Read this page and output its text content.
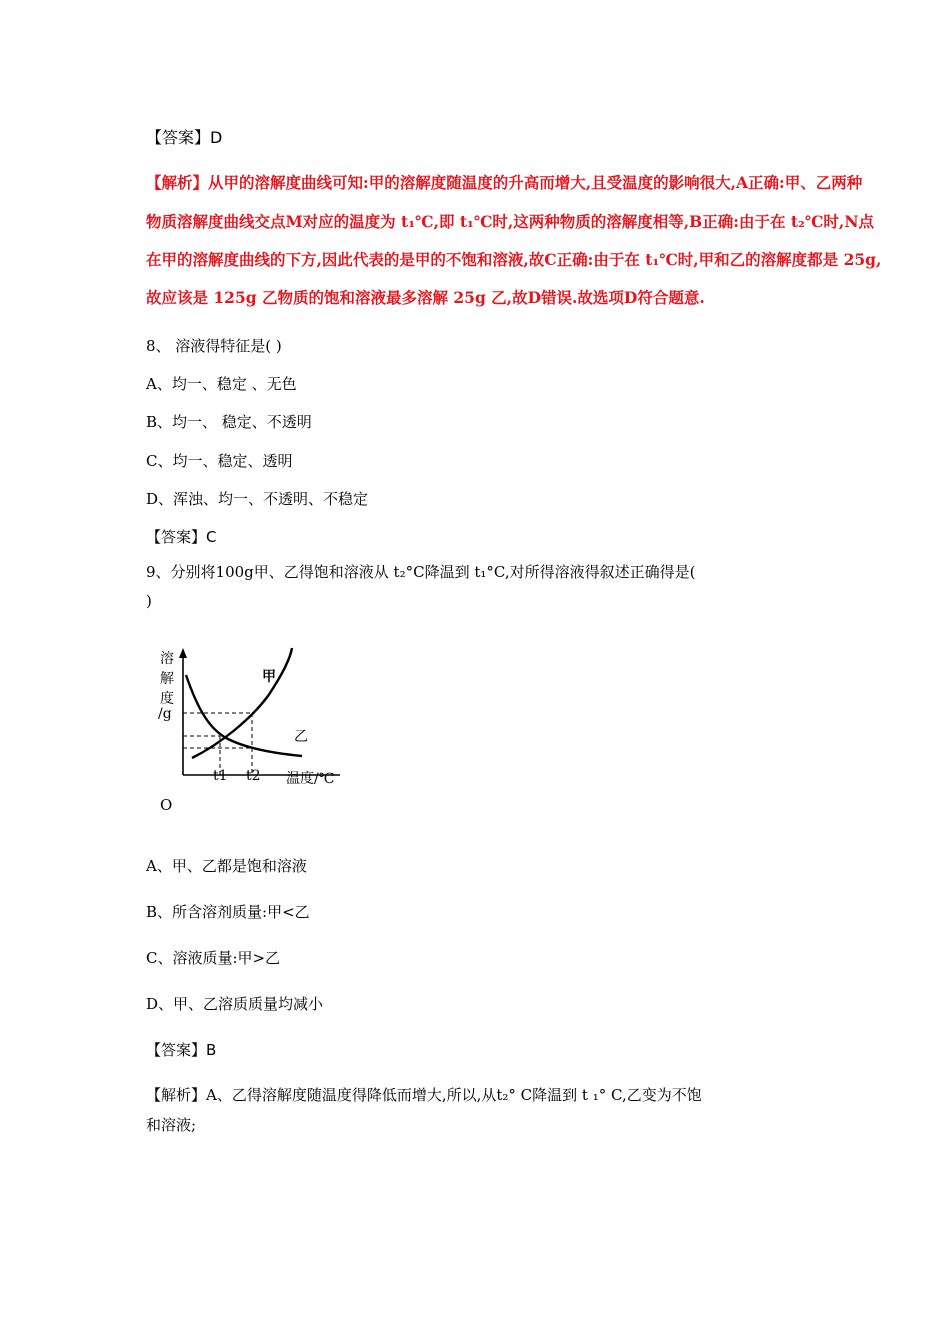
【答案】D
【解析】从甲的溶解度曲线可知:甲的溶解度随温度的升高而增大,且受温度的影响很大,A正确:甲、乙两种
物质溶解度曲线交点M对应的温度为 t₁℃,即 t₁℃时,这两种物质的溶解度相等,B正确:由于在 t₂℃时,N点
在甲的溶解度曲线的下方,因此代表的是甲的不饱和溶液,故C正确:由于在 t₁℃时,甲和乙的溶解度都是 25g,
故应该是 125g 乙物质的饱和溶液最多溶解 25g 乙,故D错误.故选项D符合题意.
8、 溶液得特征是( )
A、均一、稳定 、无色
B、均一、 稳定、不透明
C、均一、稳定、透明
D、浑浊、均一、不透明、不稳定
【答案】C
9、分别将100g甲、乙得饱和溶液从 t₂°C降温到 t₁°C,对所得溶液得叙述正确得是(
)
溶
解
度
/g
甲
乙
t1 t2 温度/℃
O
A、甲、乙都是饱和溶液
B、所含溶剂质量:甲<乙
C、溶液质量:甲>乙
D、甲、乙溶质质量均减小
【答案】B
【解析】A、乙得溶解度随温度得降低而增大,所以,从t₂° C降温到 t ₁° C,乙变为不饱
和溶液;
